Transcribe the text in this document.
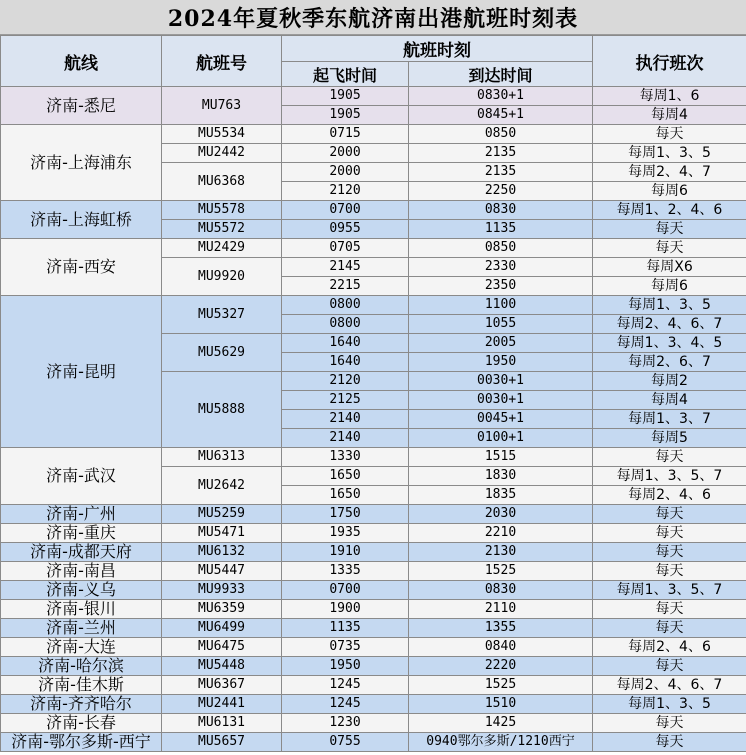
2024年夏秋季东航济南出港航班时刻表
航线	航班号	航班时刻		执行班次
		起飞时间	到达时间	
济南-悉尼	MU763	1905	0830+1	每周1、6
		1905	0845+1	每周4
济南-上海浦东	MU5534	0715	0850	每天
	MU2442	2000	2135	每周1、3、5
	MU6368	2000	2135	每周2、4、7
		2120	2250	每周6
济南-上海虹桥	MU5578	0700	0830	每周1、2、4、6
	MU5572	0955	1135	每天
济南-西安	MU2429	0705	0850	每天
	MU9920	2145	2330	每周X6
		2215	2350	每周6
济南-昆明	MU5327	0800	1100	每周1、3、5
		0800	1055	每周2、4、6、7
	MU5629	1640	2005	每周1、3、4、5
		1640	1950	每周2、6、7
	MU5888	2120	0030+1	每周2
		2125	0030+1	每周4
		2140	0045+1	每周1、3、7
		2140	0100+1	每周5
济南-武汉	MU6313	1330	1515	每天
	MU2642	1650	1830	每周1、3、5、7
		1650	1835	每周2、4、6
济南-广州	MU5259	1750	2030	每天
济南-重庆	MU5471	1935	2210	每天
济南-成都天府	MU6132	1910	2130	每天
济南-南昌	MU5447	1335	1525	每天
济南-义乌	MU9933	0700	0830	每周1、3、5、7
济南-银川	MU6359	1900	2110	每天
济南-兰州	MU6499	1135	1355	每天
济南-大连	MU6475	0735	0840	每周2、4、6
济南-哈尔滨	MU5448	1950	2220	每天
济南-佳木斯	MU6367	1245	1525	每周2、4、6、7
济南-齐齐哈尔	MU2441	1245	1510	每周1、3、5
济南-长春	MU6131	1230	1425	每天
济南-鄂尔多斯-西宁	MU5657	0755	0940鄂尔多斯/1210西宁	每天
